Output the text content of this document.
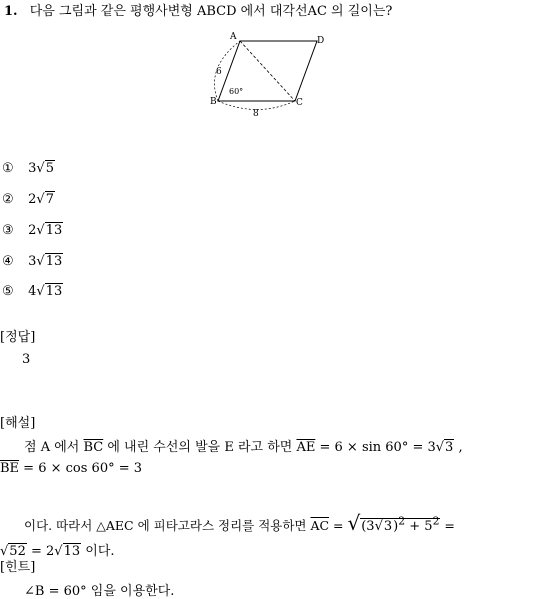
1. 다음 그림과 같은 평행사변형 ABCD 에서 대각선AC 의 길이는?
A	D
B	C
6
8
60°
① 3√5
② 2√7
③ 2√13
④ 3√13
⑤ 4√13
[정답]
3
[해설]
점 A 에서 $\overline{BC}$ 에 내린 수선의 발을 E 라고 하면 $\overline{AE} = 6 \times \sin 60^\circ = 3√3$ ,
$\overline{BE} = 6 \times \cos 60^\circ = 3$
이다. 따라서 △AEC 에 피타고라스 정리를 적용하면 $\overline{AC} = √(3√3)^2 + 5^2$ =
√52 = 2√13 이다.
[힌트]
∠B = 60° 임을 이용한다.
